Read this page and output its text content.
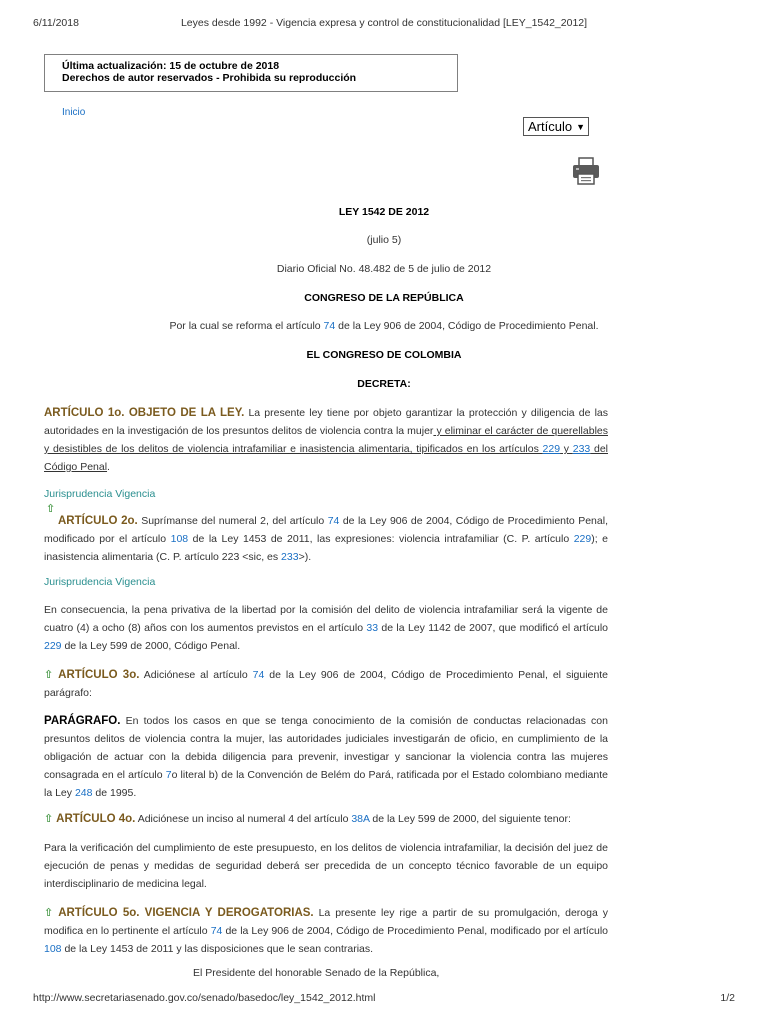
6/11/2018	Leyes desde 1992 - Vigencia expresa y control de constitucionalidad [LEY_1542_2012]
Última actualización: 15 de octubre de 2018
Derechos de autor reservados - Prohibida su reproducción
Inicio
Artículo ▼
LEY 1542 DE 2012
(julio 5)
Diario Oficial No. 48.482 de 5 de julio de 2012
CONGRESO DE LA REPÚBLICA
Por la cual se reforma el artículo 74 de la Ley 906 de 2004, Código de Procedimiento Penal.
EL CONGRESO DE COLOMBIA
DECRETA:
ARTÍCULO 1o. OBJETO DE LA LEY. La presente ley tiene por objeto garantizar la protección y diligencia de las autoridades en la investigación de los presuntos delitos de violencia contra la mujer y eliminar el carácter de querellables y desistibles de los delitos de violencia intrafamiliar e inasistencia alimentaria, tipificados en los artículos 229 y 233 del Código Penal.
Jurisprudencia Vigencia
⇧
ARTÍCULO 2o. Suprímanse del numeral 2, del artículo 74 de la Ley 906 de 2004, Código de Procedimiento Penal, modificado por el artículo 108 de la Ley 1453 de 2011, las expresiones: violencia intrafamiliar (C. P. artículo 229); e inasistencia alimentaria (C. P. artículo 223 <sic, es 233>).
Jurisprudencia Vigencia
En consecuencia, la pena privativa de la libertad por la comisión del delito de violencia intrafamiliar será la vigente de cuatro (4) a ocho (8) años con los aumentos previstos en el artículo 33 de la Ley 1142 de 2007, que modificó el artículo 229 de la Ley 599 de 2000, Código Penal.
⇧ ARTÍCULO 3o. Adiciónese al artículo 74 de la Ley 906 de 2004, Código de Procedimiento Penal, el siguiente parágrafo:
PARÁGRAFO. En todos los casos en que se tenga conocimiento de la comisión de conductas relacionadas con presuntos delitos de violencia contra la mujer, las autoridades judiciales investigarán de oficio, en cumplimiento de la obligación de actuar con la debida diligencia para prevenir, investigar y sancionar la violencia contra las mujeres consagrada en el artículo 7o literal b) de la Convención de Belém do Pará, ratificada por el Estado colombiano mediante la Ley 248 de 1995.
⇧ ARTÍCULO 4o. Adiciónese un inciso al numeral 4 del artículo 38A de la Ley 599 de 2000, del siguiente tenor:
Para la verificación del cumplimiento de este presupuesto, en los delitos de violencia intrafamiliar, la decisión del juez de ejecución de penas y medidas de seguridad deberá ser precedida de un concepto técnico favorable de un equipo interdisciplinario de medicina legal.
⇧ ARTÍCULO 5o. VIGENCIA Y DEROGATORIAS. La presente ley rige a partir de su promulgación, deroga y modifica en lo pertinente el artículo 74 de la Ley 906 de 2004, Código de Procedimiento Penal, modificado por el artículo 108 de la Ley 1453 de 2011 y las disposiciones que le sean contrarias.
El Presidente del honorable Senado de la República,
http://www.secretariasenado.gov.co/senado/basedoc/ley_1542_2012.html	1/2
